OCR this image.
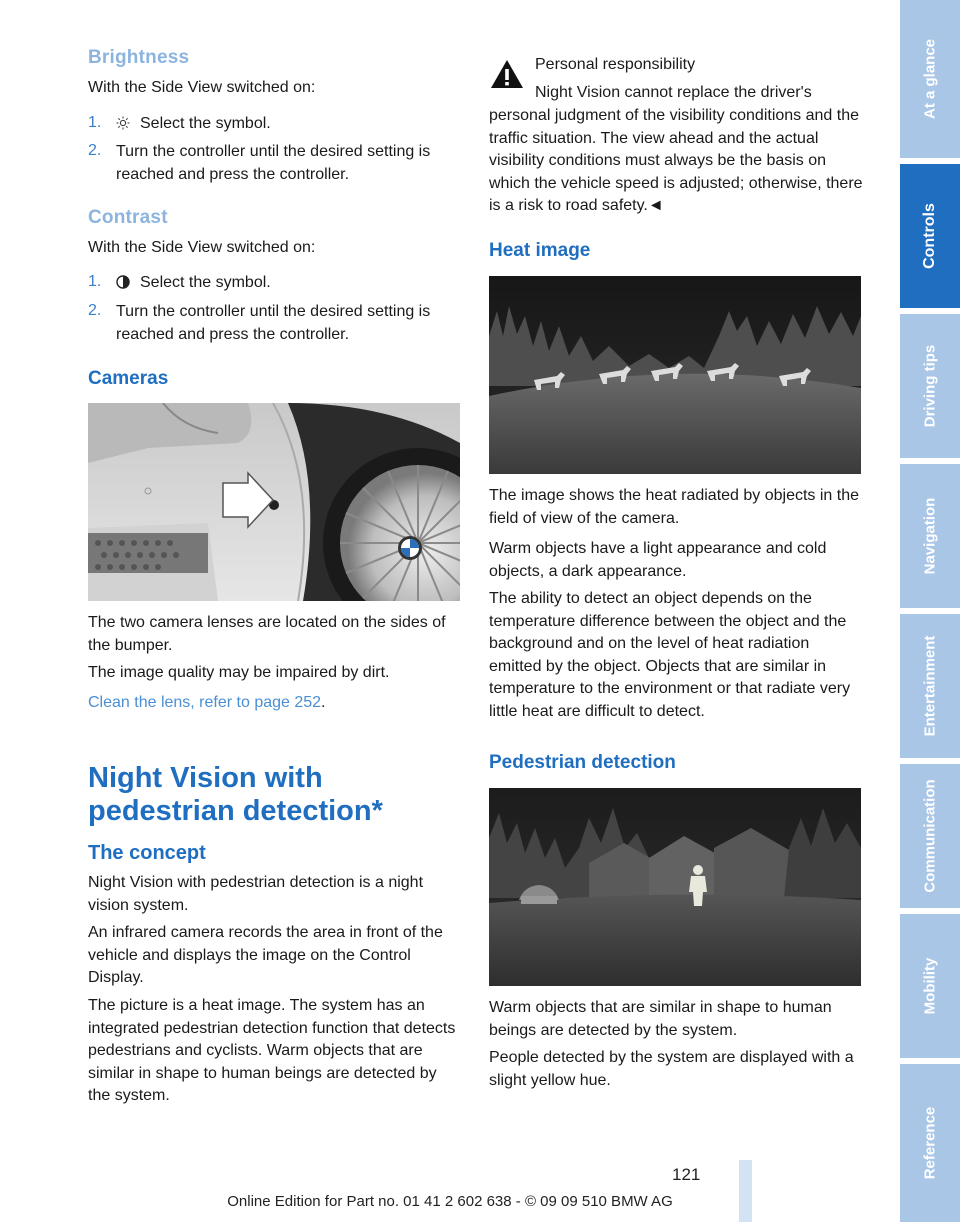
Brightness
With the Side View switched on:
1.	Select the symbol.
2. Turn the controller until the desired setting is reached and press the controller.
Contrast
With the Side View switched on:
1.	Select the symbol.
2. Turn the controller until the desired setting is reached and press the controller.
Cameras
The two camera lenses are located on the sides of the bumper.
The image quality may be impaired by dirt.
Clean the lens, refer to page 252.
Night Vision with pedestrian detection*
The concept
Night Vision with pedestrian detection is a night vision system.
An infrared camera records the area in front of the vehicle and displays the image on the Control Display.
The picture is a heat image. The system has an integrated pedestrian detection function that detects pedestrians and cyclists. Warm objects that are similar in shape to human beings are detected by the system.
Personal responsibility
Night Vision cannot replace the driver's
personal judgment of the visibility conditions and the traffic situation. The view ahead and the actual visibility conditions must always be the basis on which the vehicle speed is adjusted; otherwise, there is a risk to road safety.◄
Heat image
The image shows the heat radiated by objects in the field of view of the camera.
Warm objects have a light appearance and cold objects, a dark appearance.
The ability to detect an object depends on the temperature difference between the object and the background and on the level of heat radiation emitted by the object. Objects that are similar in temperature to the environment or that radiate very little heat are difficult to detect.
Pedestrian detection
Warm objects that are similar in shape to human beings are detected by the system.
People detected by the system are displayed with a slight yellow hue.
At a glance
Controls
Driving tips
Navigation
Entertainment
Communication
Mobility
Reference
121
Online Edition for Part no. 01 41 2 602 638 - © 09 09 510 BMW AG
